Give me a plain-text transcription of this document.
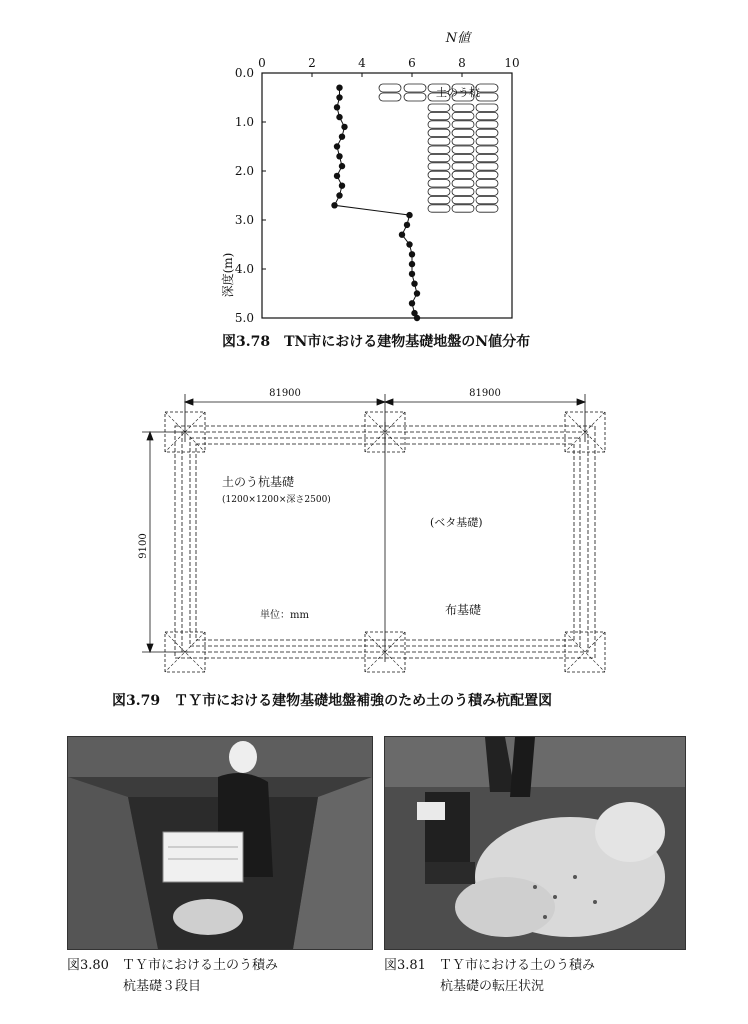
N値
0	2	4	6	8	10
0.0
1.0
2.0
3.0
4.0
5.0
深度(m)
土のう杭
図3.78　TN市における建物基礎地盤のN値分布
81900	81900
9100
土のう杭基礎
(1200×1200×深さ2500)
(ベタ基礎)
単位：mm	布基礎
図3.79　ＴＹ市における建物基礎地盤補強のため土のう積み杭配置図
図3.80　ＴＹ市における土のう積み
杭基礎３段目
図3.81　ＴＹ市における土のう積み
杭基礎の転圧状況
